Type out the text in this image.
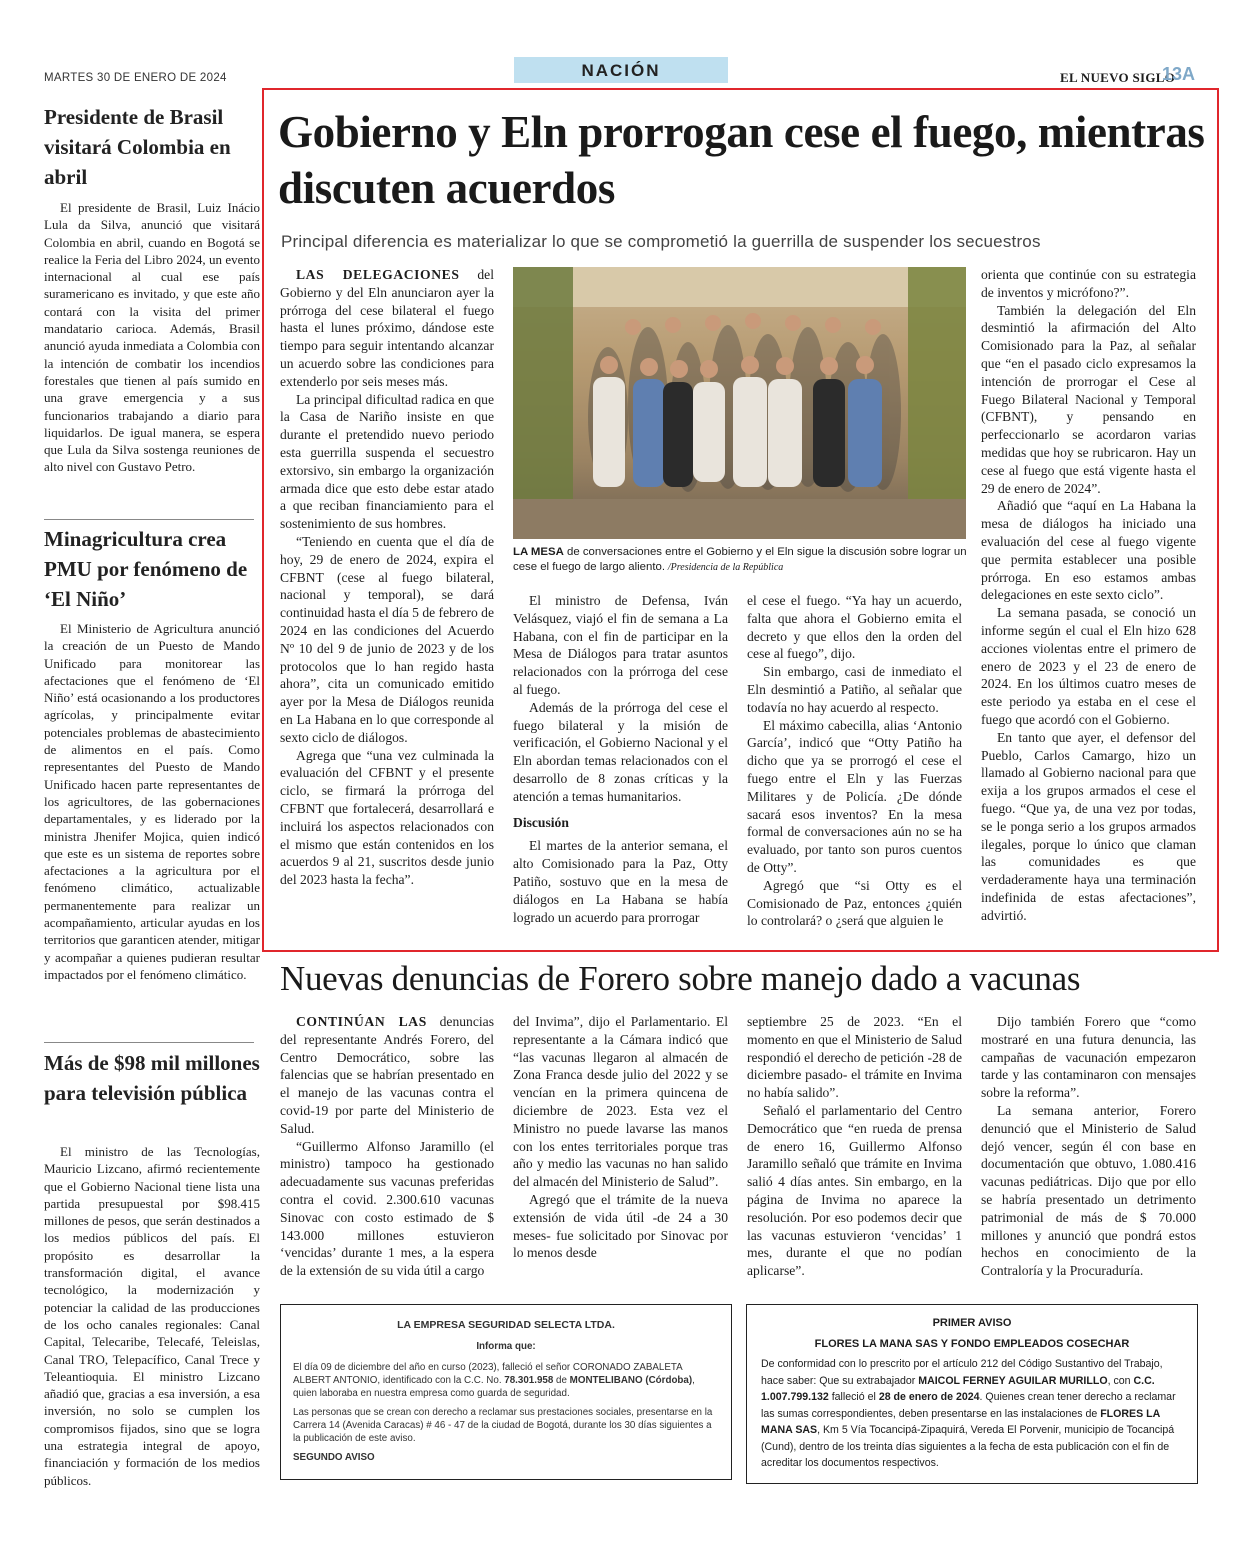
MARTES 30 DE ENERO DE 2024	NACIÓN	EL NUEVO SIGLO
13A
Presidente de Brasil visitará Colombia en abril
El presidente de Brasil, Luiz Inácio Lula da Silva, anunció que visitará Colombia en abril, cuando en Bogotá se realice la Feria del Libro 2024, un evento internacional al cual ese país suramericano es invitado, y que este año contará con la visita del primer mandatario carioca. Además, Brasil anunció ayuda inmediata a Colombia con la intención de combatir los incendios forestales que tienen al país sumido en una grave emergencia y a sus funcionarios trabajando a diario para liquidarlos. De igual manera, se espera que Lula da Silva sostenga reuniones de alto nivel con Gustavo Petro.
Minagricultura crea PMU por fenómeno de ‘El Niño’
El Ministerio de Agricultura anunció la creación de un Puesto de Mando Unificado para monitorear las afectaciones que el fenómeno de ‘El Niño’ está ocasionando a los productores agrícolas, y principalmente evitar potenciales problemas de abastecimiento de alimentos en el país. Como representantes del Puesto de Mando Unificado hacen parte representantes de los agricultores, de las gobernaciones departamentales, y es liderado por la ministra Jhenifer Mojica, quien indicó que este es un sistema de reportes sobre afectaciones a la agricultura por el fenómeno climático, actualizable permanentemente para realizar un acompañamiento, articular ayudas en los territorios que garanticen atender, mitigar y acompañar a quienes pudieran resultar impactados por el fenómeno climático.
Más de $98 mil millones para televisión pública
El ministro de las Tecnologías, Mauricio Lizcano, afirmó recientemente que el Gobierno Nacional tiene lista una partida presupuestal por $98.415 millones de pesos, que serán destinados a los medios públicos del país. El propósito es desarrollar la transformación digital, el avance tecnológico, la modernización y potenciar la calidad de las producciones de los ocho canales regionales: Canal Capital, Telecaribe, Telecafé, Teleislas, Canal TRO, Telepacífico, Canal Trece y Teleantioquia. El ministro Lizcano añadió que, gracias a esa inversión, a esa inversión, no solo se cumplen los compromisos fijados, sino que se logra una estrategia integral de apoyo, financiación y formación de los medios públicos.
Gobierno y Eln prorrogan cese el fuego, mientras discuten acuerdos
Principal diferencia es materializar lo que se comprometió la guerrilla de suspender los secuestros

LAS DELEGACIONES del Gobierno y del Eln anunciaron ayer la prórroga del cese bilateral el fuego hasta el lunes próximo, dándose este tiempo para seguir intentando alcanzar un acuerdo sobre las condiciones para extenderlo por seis meses más.

La principal dificultad radica en que la Casa de Nariño insiste en que durante el pretendido nuevo periodo esta guerrilla suspenda el secuestro extorsivo, sin embargo la organización armada dice que esto debe estar atado a que reciban financiamiento para el sostenimiento de sus hombres.

“Teniendo en cuenta que el día de hoy, 29 de enero de 2024, expira el CFBNT (cese al fuego bilateral, nacional y temporal), se dará continuidad hasta el día 5 de febrero de 2024 en las condiciones del Acuerdo Nº 10 del 9 de junio de 2023 y de los protocolos que lo han regido hasta ahora”, cita un comunicado emitido ayer por la Mesa de Diálogos reunida en La Habana en lo que corresponde al sexto ciclo de diálogos.

Agrega que “una vez culminada la evaluación del CFBNT y el presente ciclo, se firmará la prórroga del CFBNT que fortalecerá, desarrollará e incluirá los aspectos relacionados con el mismo que están contenidos en los acuerdos 9 al 21, suscritos desde junio del 2023 hasta la fecha”.

LA MESA de conversaciones entre el Gobierno y el Eln sigue la discusión sobre lograr un cese el fuego de largo aliento. /Presidencia de la República

El ministro de Defensa, Iván Velásquez, viajó el fin de semana a La Habana, con el fin de participar en la Mesa de Diálogos para tratar asuntos relacionados con la prórroga del cese al fuego.

Además de la prórroga del cese el fuego bilateral y la misión de verificación, el Gobierno Nacional y el Eln abordan temas relacionados con el desarrollo de 8 zonas críticas y la atención a temas humanitarios.

Discusión

El martes de la anterior semana, el alto Comisionado para la Paz, Otty Patiño, sostuvo que en la mesa de diálogos en La Habana se había logrado un acuerdo para prorrogar

el cese el fuego. “Ya hay un acuerdo, falta que ahora el Gobierno emita el decreto y que ellos den la orden del cese al fuego”, dijo.

Sin embargo, casi de inmediato el Eln desmintió a Patiño, al señalar que todavía no hay acuerdo al respecto.

El máximo cabecilla, alias ‘Antonio García’, indicó que “Otty Patiño ha dicho que ya se prorrogó el cese el fuego entre el Eln y las Fuerzas Militares y de Policía. ¿De dónde sacará esos inventos? En la mesa formal de conversaciones aún no se ha evaluado, por tanto son puros cuentos de Otty”.

Agregó que “si Otty es el Comisionado de Paz, entonces ¿quién lo controlará? o ¿será que alguien le

orienta que continúe con su estrategia de inventos y micrófono?”.

También la delegación del Eln desmintió la afirmación del Alto Comisionado para la Paz, al señalar que “en el pasado ciclo expresamos la intención de prorrogar el Cese al Fuego Bilateral Nacional y Temporal (CFBNT), y pensando en perfeccionarlo se acordaron varias medidas que hoy se rubricaron. Hay un cese al fuego que está vigente hasta el 29 de enero de 2024”.

Añadió que “aquí en La Habana la mesa de diálogos ha iniciado una evaluación del cese al fuego vigente que permita establecer una posible prórroga. En eso estamos ambas delegaciones en este sexto ciclo”.

La semana pasada, se conoció un informe según el cual el Eln hizo 628 acciones violentas entre el primero de enero de 2023 y el 23 de enero de 2024. En los últimos cuatro meses de este periodo ya estaba en el cese el fuego que acordó con el Gobierno.

En tanto que ayer, el defensor del Pueblo, Carlos Camargo, hizo un llamado al Gobierno nacional para que exija a los grupos armados el cese el fuego. “Que ya, de una vez por todas, se le ponga serio a los grupos armados ilegales, porque lo único que claman las comunidades es que verdaderamente haya una terminación indefinida de estas afectaciones”, advirtió.

Nuevas denuncias de Forero sobre manejo dado a vacunas

CONTINÚAN LAS denuncias del representante Andrés Forero, del Centro Democrático, sobre las falencias que se habrían presentado en el manejo de las vacunas contra el covid-19 por parte del Ministerio de Salud.

“Guillermo Alfonso Jaramillo (el ministro) tampoco ha gestionado adecuadamente sus vacunas preferidas contra el covid. 2.300.610 vacunas Sinovac con costo estimado de $ 143.000 millones estuvieron ‘vencidas’ durante 1 mes, a la espera de la extensión de su vida útil a cargo

del Invima”, dijo el Parlamentario. El representante a la Cámara indicó que “las vacunas llegaron al almacén de Zona Franca desde julio del 2022 y se vencían en la primera quincena de diciembre de 2023. Esta vez el Ministro no puede lavarse las manos con los entes territoriales porque tras año y medio las vacunas no han salido del almacén del Ministerio de Salud”.

Agregó que el trámite de la nueva extensión de vida útil -de 24 a 30 meses- fue solicitado por Sinovac por lo menos desde

septiembre 25 de 2023. “En el momento en que el Ministerio de Salud respondió el derecho de petición -28 de diciembre pasado- el trámite en Invima no había salido”.

Señaló el parlamentario del Centro Democrático que “en rueda de prensa de enero 16, Guillermo Alfonso Jaramillo señaló que trámite en Invima salió 4 días antes. Sin embargo, en la página de Invima no aparece la resolución. Por eso podemos decir que las vacunas estuvieron ‘vencidas’ 1 mes, durante el que no podían aplicarse”.

Dijo también Forero que “como mostraré en una futura denuncia, las campañas de vacunación empezaron tarde y las contaminaron con mensajes sobre la reforma”.

La semana anterior, Forero denunció que el Ministerio de Salud dejó vencer, según él con base en documentación que obtuvo, 1.080.416 vacunas pediátricas. Dijo que por ello se habría presentado un detrimento patrimonial de más de $ 70.000 millones y anunció que pondrá estos hechos en conocimiento de la Contraloría y la Procuraduría.

LA EMPRESA SEGURIDAD SELECTA LTDA.
Informa que:
El día 09 de diciembre del año en curso (2023), falleció el señor CORONADO ZABALETA ALBERT ANTONIO, identificado con la C.C. No. 78.301.958 de MONTELIBANO (Córdoba), quien laboraba en nuestra empresa como guarda de seguridad.
Las personas que se crean con derecho a reclamar sus prestaciones sociales, presentarse en la Carrera 14 (Avenida Caracas) # 46 - 47 de la ciudad de Bogotá, durante los 30 días siguientes a la publicación de este aviso.
SEGUNDO AVISO
PRIMER AVISO
FLORES LA MANA SAS Y FONDO EMPLEADOS COSECHAR
De conformidad con lo prescrito por el artículo 212 del Código Sustantivo del Trabajo, hace saber: Que su extrabajador MAICOL FERNEY AGUILAR MURILLO, con C.C. 1.007.799.132 falleció el 28 de enero de 2024. Quienes crean tener derecho a reclamar las sumas correspondientes, deben presentarse en las instalaciones de FLORES LA MANA SAS, Km 5 Vía Tocancipá-Zipaquirá, Vereda El Porvenir, municipio de Tocancipá (Cund), dentro de los treinta días siguientes a la fecha de esta publicación con el fin de acreditar los documentos respectivos.
